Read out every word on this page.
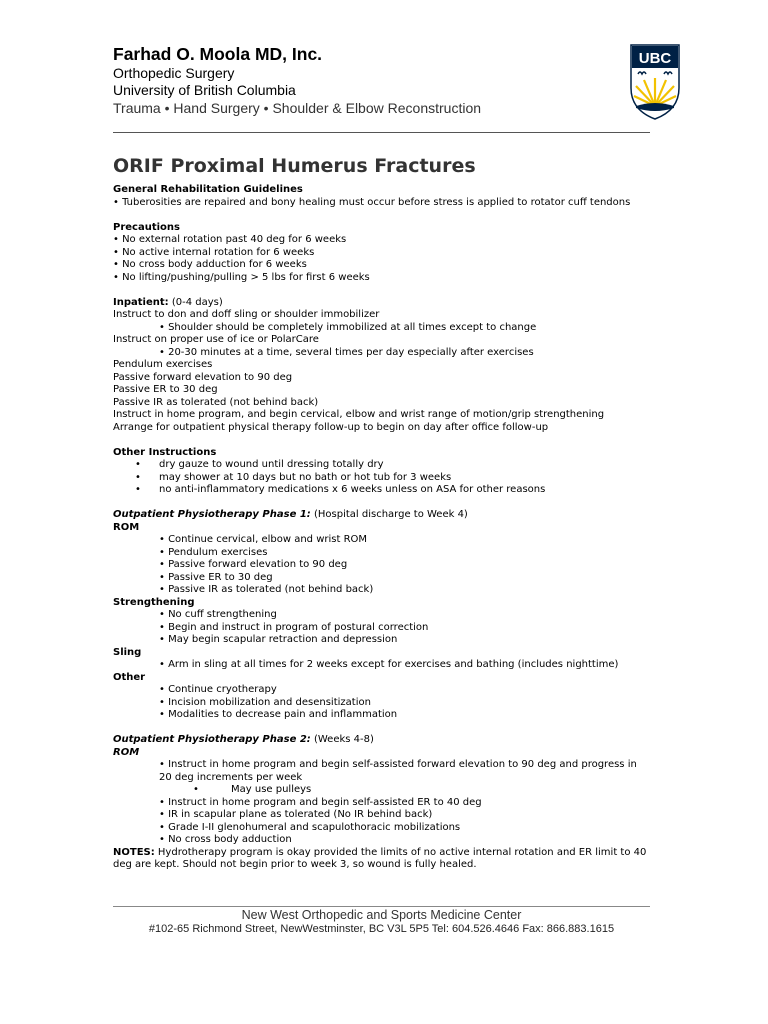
Farhad O. Moola MD, Inc.
Orthopedic Surgery
University of British Columbia
Trauma • Hand Surgery • Shoulder & Elbow Reconstruction
UBC
ORIF Proximal Humerus Fractures

General Rehabilitation Guidelines

• Tuberosities are repaired and bony healing must occur before stress is applied to rotator cuff tendons

Precautions

• No external rotation past 40 deg for 6 weeks

• No active internal rotation for 6 weeks

• No cross body adduction for 6 weeks

• No lifting/pushing/pulling > 5 lbs for first 6 weeks

Inpatient: (0-4 days)

Instruct to don and doff sling or shoulder immobilizer

• Shoulder should be completely immobilized at all times except to change

Instruct on proper use of ice or PolarCare

• 20-30 minutes at a time, several times per day especially after exercises

Pendulum exercises

Passive forward elevation to 90 deg

Passive ER to 30 deg

Passive IR as tolerated (not behind back)

Instruct in home program, and begin cervical, elbow and wrist range of motion/grip strengthening

Arrange for outpatient physical therapy follow-up to begin on day after office follow-up

Other Instructions

• dry gauze to wound until dressing totally dry

• may shower at 10 days but no bath or hot tub for 3 weeks

• no anti-inflammatory medications x 6 weeks unless on ASA for other reasons

Outpatient Physiotherapy Phase 1: (Hospital discharge to Week 4)

ROM

• Continue cervical, elbow and wrist ROM

• Pendulum exercises

• Passive forward elevation to 90 deg

• Passive ER to 30 deg

• Passive IR as tolerated (not behind back)

Strengthening

• No cuff strengthening

• Begin and instruct in program of postural correction

• May begin scapular retraction and depression

Sling

• Arm in sling at all times for 2 weeks except for exercises and bathing (includes nighttime)

Other

• Continue cryotherapy

• Incision mobilization and desensitization

• Modalities to decrease pain and inflammation

Outpatient Physiotherapy Phase 2: (Weeks 4-8)

ROM

• Instruct in home program and begin self-assisted forward elevation to 90 deg and progress in

20 deg increments per week

•	May use pulleys

• Instruct in home program and begin self-assisted ER to 40 deg

• IR in scapular plane as tolerated (No IR behind back)

• Grade I-II glenohumeral and scapulothoracic mobilizations

• No cross body adduction

NOTES: Hydrotherapy program is okay provided the limits of no active internal rotation and ER limit to 40 deg are kept. Should not begin prior to week 3, so wound is fully healed.

New West Orthopedic and Sports Medicine Center
#102-65 Richmond Street, NewWestminster, BC V3L 5P5 Tel: 604.526.4646 Fax: 866.883.1615
